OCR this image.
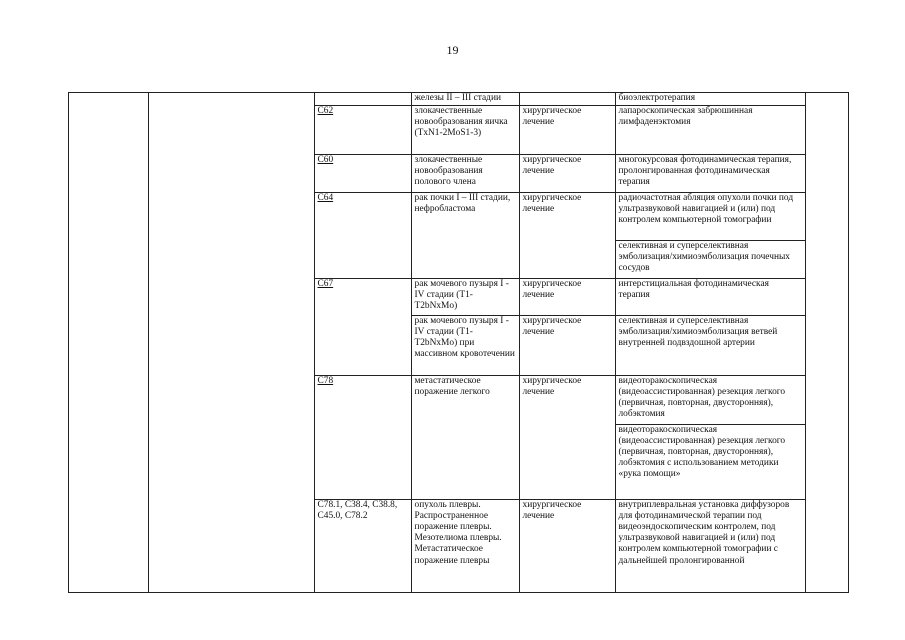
19
			железы II – III стадии		биоэлектротерапия	
		C62	злокачественные новообразования яичка (TxN1-2MoS1-3)	хирургическое лечение	лапароскопическая забрюшинная лимфаденэктомия	
		C60	злокачественные новообразования полового члена	хирургическое лечение	многокурсовая фотодинамическая терапия, пролонгированная фотодинамическая терапия	
		C64	рак почки I – III стадии, нефробластома	хирургическое лечение	радиочастотная абляция опухоли почки под ультразвуковой навигацией и (или) под контролем компьютерной томографии	
					селективная и суперселективная эмболизация/химиоэмболизация почечных сосудов	
		C67	рак мочевого пузыря I - IV стадии (T1-T2bNxMo)	хирургическое лечение	интерстициальная фотодинамическая терапия	
			рак мочевого пузыря I - IV стадии (T1-T2bNxMo) при массивном кровотечении	хирургическое лечение	селективная и суперселективная эмболизация/химиоэмболизация ветвей внутренней подвздошной артерии	
		C78	метастатическое поражение легкого	хирургическое лечение	видеоторакоскопическая (видеоассистированная) резекция легкого (первичная, повторная, двусторонняя), лобэктомия	
					видеоторакоскопическая (видеоассистированная) резекция легкого (первичная, повторная, двусторонняя), лобэктомия с использованием методики «рука помощи»	
		C78.1, C38.4, C38.8, C45.0, C78.2	опухоль плевры. Распространенное поражение плевры. Мезотелиома плевры. Метастатическое поражение плевры	хирургическое лечение	внутриплевральная установка диффузоров для фотодинамической терапии под видеоэндоскопическим контролем, под ультразвуковой навигацией и (или) под контролем компьютерной томографии с дальнейшей пролонгированной	
